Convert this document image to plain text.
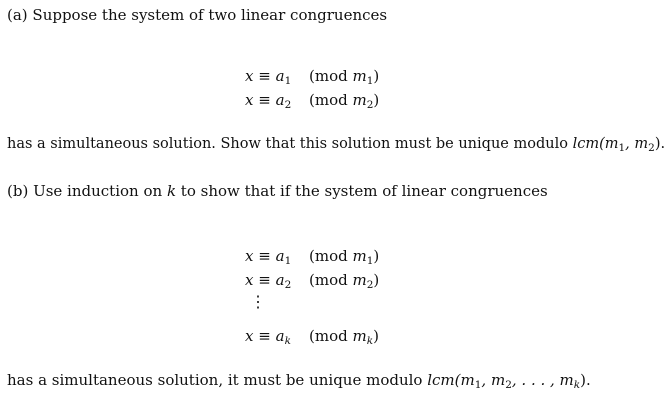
(a) Suppose the system of two linear congruences
$x \equiv a_1$ (mod $m_1$)
$x \equiv a_2$ (mod $m_2$)
has a simultaneous solution. Show that this solution must be unique modulo $lcm(m_1$, $m_2$).
(b) Use induction on k to show that if the system of linear congruences
$x \equiv a_1$ (mod $m_1$)
$x \equiv a_2$ (mod $m_2$)
⋮
$x \equiv a_k$ (mod $m_k$)
has a simultaneous solution, it must be unique modulo $lcm(m_1$, $m_2$, . . . , $m_k$).
